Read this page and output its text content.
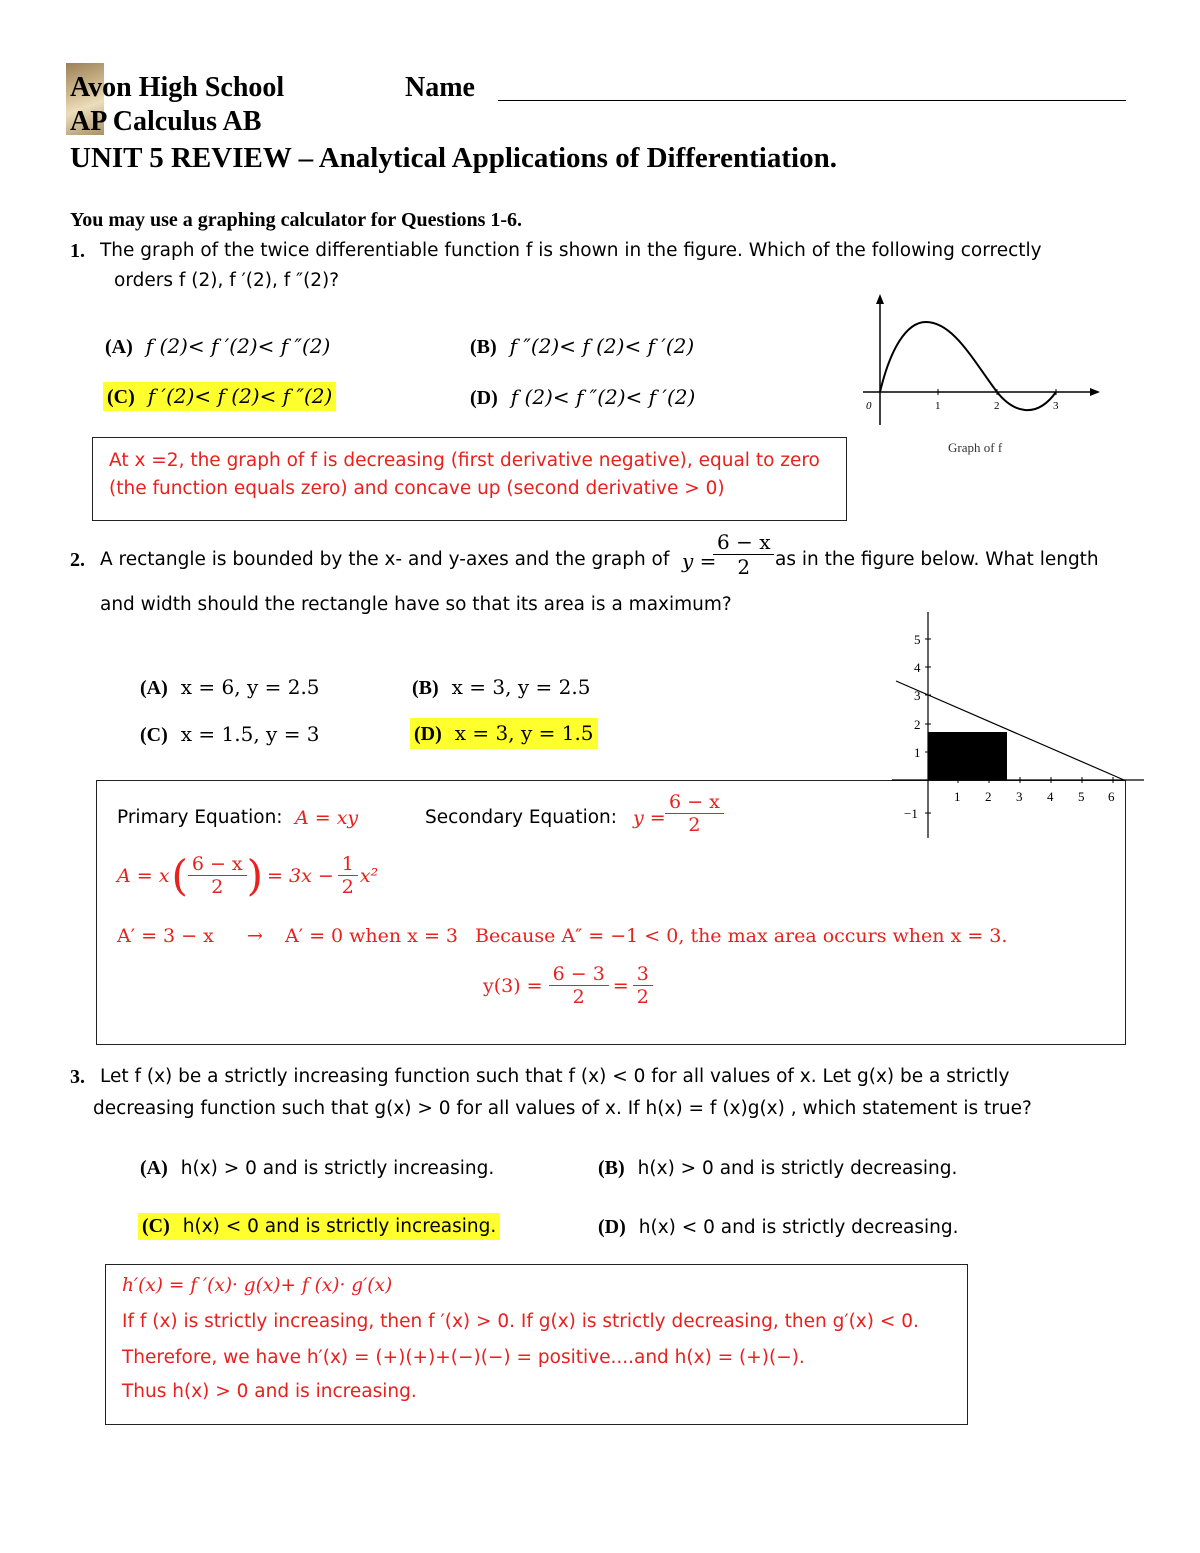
Avon High School	Name
AP Calculus AB
UNIT 5 REVIEW – Analytical Applications of Differentiation.
You may use a graphing calculator for Questions 1-6.
1. The graph of the twice differentiable function f is shown in the figure. Which of the following correctly
orders f (2), f ′(2), f ″(2)?
(A) f (2)< f ′(2)< f ″(2)	(B) f ″(2)< f (2)< f ′(2)
(C) f ′(2)< f (2)< f ″(2)	(D) f (2)< f ″(2)< f ′(2)	0	1	2	3
Graph of f
At x =2, the graph of f is decreasing (first derivative negative), equal to zero
(the function equals zero) and concave up (second derivative > 0)
2. A rectangle is bounded by the x- and y-axes and the graph of y =
$\frac{6 - x}{2}$ as in the figure below. What length
and width should the rectangle have so that its area is a maximum?
(A) x = 6, y = 2.5	(B) x = 3, y = 2.5
(C) x = 1.5, y = 3	(D) x = 3, y = 1.5
Primary Equation: A = xy	Secondary Equation: $y = \frac{6 - x}{2}$
A = x ( $\frac{6 - x}{2}$ ) = $3x - \frac{1}{2} x^2$
A′ = 3 − x → A′ = 0 when x = 3 Because A″ = −1 < 0, the max area occurs when x = 3.
$y(3) = \frac{6 - 3}{2} = \frac{3}{2}$
1 2 3 4 5 6
5
4
3
2
1
−1
3. Let f (x) be a strictly increasing function such that f (x) < 0 for all values of x. Let g(x) be a strictly
decreasing function such that g(x) > 0 for all values of x. If h(x) = f (x)g(x) , which statement is true?
(A) h(x) > 0 and is strictly increasing.	(B) h(x) > 0 and is strictly decreasing.
(C) h(x) < 0 and is strictly increasing.	(D) h(x) < 0 and is strictly decreasing.
h′(x) = f ′(x)· g(x)+ f (x)· g′(x)
If f (x) is strictly increasing, then f ′(x) > 0. If g(x) is strictly decreasing, then g′(x) < 0.
Therefore, we have h′(x) = (+)(+)+(−)(−) = positive....and h(x) = (+)(−).
Thus h(x) > 0 and is increasing.
